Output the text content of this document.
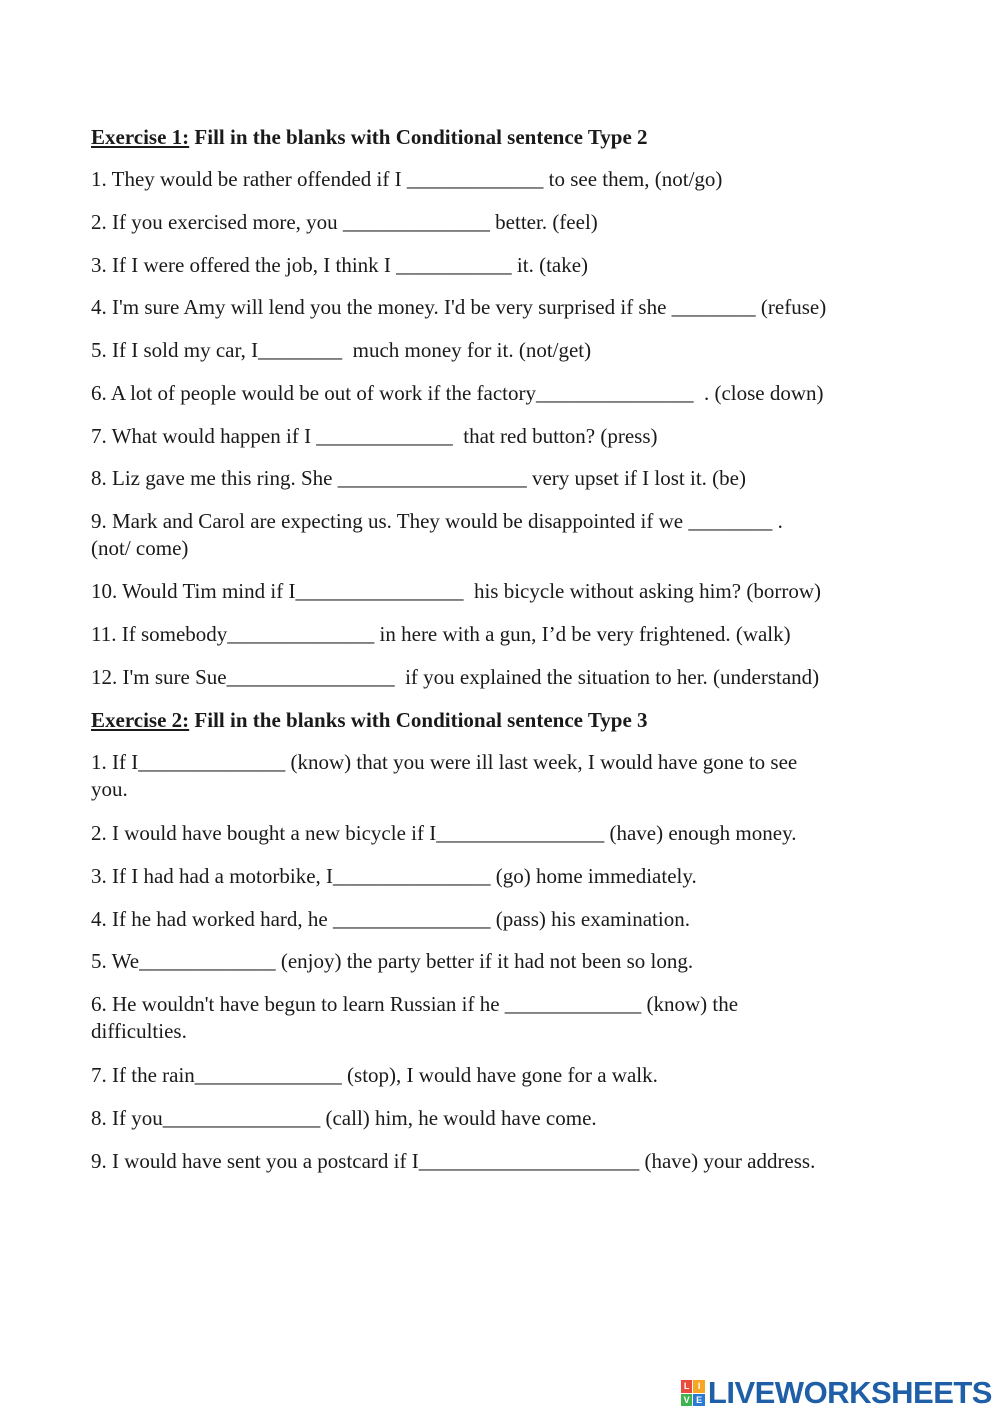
Exercise 1: Fill in the blanks with Conditional sentence Type 2
1. They would be rather offended if I _____________ to see them, (not/go)
2. If you exercised more, you ______________ better. (feel)
3. If I were offered the job, I think I ___________ it. (take)
4. I'm sure Amy will lend you the money. I'd be very surprised if she ________ (refuse)
5. If I sold my car, I________  much money for it. (not/get)
6. A lot of people would be out of work if the factory_______________  . (close down)
7. What would happen if I _____________  that red button? (press)
8. Liz gave me this ring. She __________________ very upset if I lost it. (be)
9. Mark and Carol are expecting us. They would be disappointed if we ________ .
(not/ come)
10. Would Tim mind if I________________  his bicycle without asking him? (borrow)
11. If somebody______________ in here with a gun, I’d be very frightened. (walk)
12. I'm sure Sue________________  if you explained the situation to her. (understand)
Exercise 2: Fill in the blanks with Conditional sentence Type 3
1. If I______________ (know) that you were ill last week, I would have gone to see
you.
2. I would have bought a new bicycle if I________________ (have) enough money.
3. If I had had a motorbike, I_______________ (go) home immediately.
4. If he had worked hard, he _______________ (pass) his examination.
5. We_____________ (enjoy) the party better if it had not been so long.
6. He wouldn't have begun to learn Russian if he _____________ (know) the
difficulties.
7. If the rain______________ (stop), I would have gone for a walk.
8. If you_______________ (call) him, he would have come.
9. I would have sent you a postcard if I_____________________ (have) your address.
L I
V E LIVEWORKSHEETS
